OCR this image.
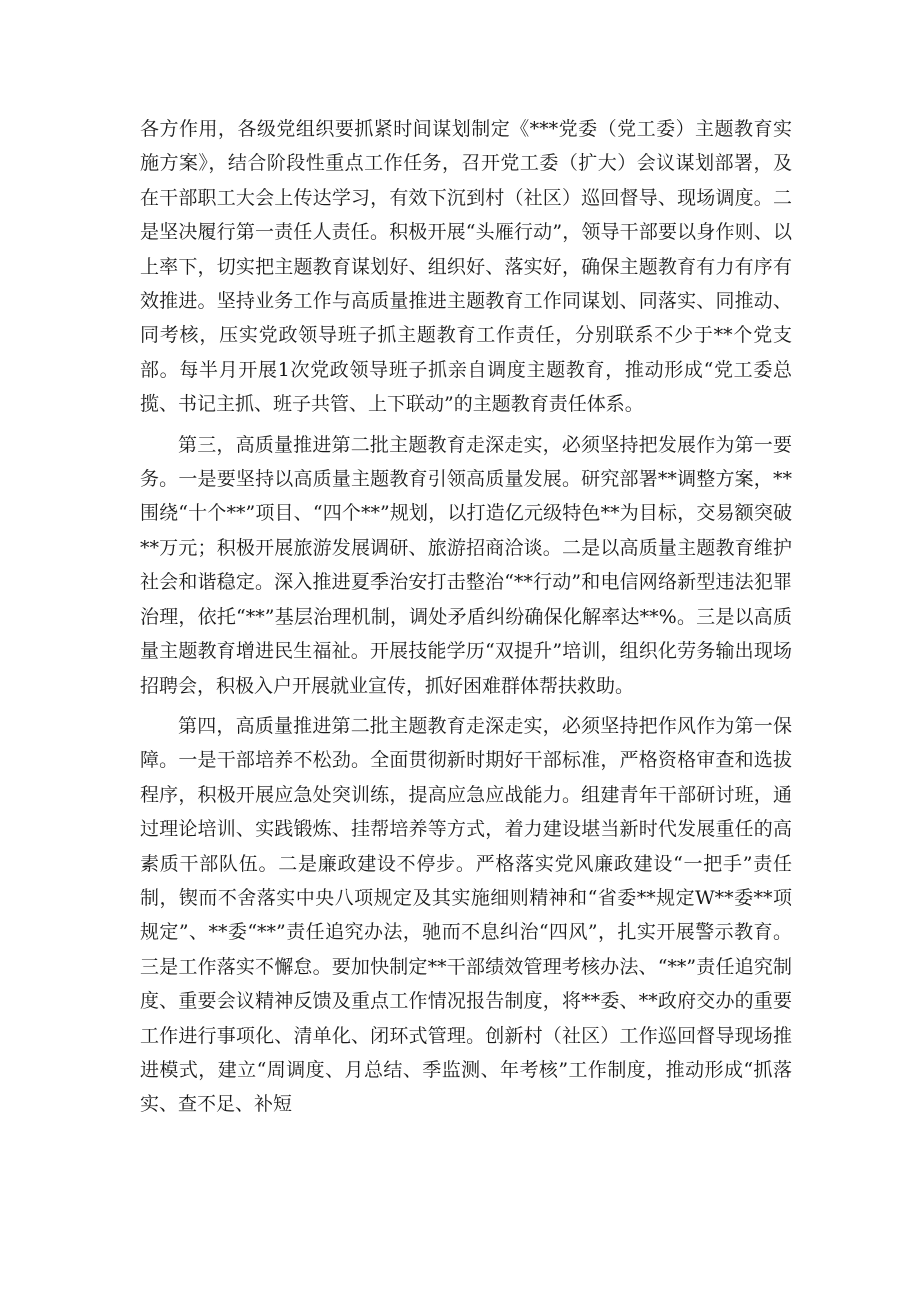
各方作用，各级党组织要抓紧时间谋划制定《***党委（党工委）主题教育实施方案》，结合阶段性重点工作任务，召开党工委（扩大）会议谋划部署，及在干部职工大会上传达学习，有效下沉到村（社区）巡回督导、现场调度。二是坚决履行第一责任人责任。积极开展“头雁行动”，领导干部要以身作则、以上率下，切实把主题教育谋划好、组织好、落实好，确保主题教育有力有序有效推进。坚持业务工作与高质量推进主题教育工作同谋划、同落实、同推动、同考核，压实党政领导班子抓主题教育工作责任，分别联系不少于**个党支部。每半月开展1次党政领导班子抓亲自调度主题教育，推动形成“党工委总揽、书记主抓、班子共管、上下联动”的主题教育责任体系。

第三，高质量推进第二批主题教育走深走实，必须坚持把发展作为第一要务。一是要坚持以高质量主题教育引领高质量发展。研究部署**调整方案，**围绕“十个**”项目、“四个**”规划，以打造亿元级特色**为目标，交易额突破**万元；积极开展旅游发展调研、旅游招商洽谈。二是以高质量主题教育维护社会和谐稳定。深入推进夏季治安打击整治“**行动”和电信网络新型违法犯罪治理，依托“**”基层治理机制，调处矛盾纠纷确保化解率达**%。三是以高质量主题教育增进民生福祉。开展技能学历“双提升”培训，组织化劳务输出现场招聘会，积极入户开展就业宣传，抓好困难群体帮扶救助。

第四，高质量推进第二批主题教育走深走实，必须坚持把作风作为第一保障。一是干部培养不松劲。全面贯彻新时期好干部标准，严格资格审查和选拔程序，积极开展应急处突训练，提高应急应战能力。组建青年干部研讨班，通过理论培训、实践锻炼、挂帮培养等方式，着力建设堪当新时代发展重任的高素质干部队伍。二是廉政建设不停步。严格落实党风廉政建设“一把手”责任制，锲而不舍落实中央八项规定及其实施细则精神和“省委**规定W**委**项规定”、**委“**”责任追究办法，驰而不息纠治“四风”，扎实开展警示教育。三是工作落实不懈怠。要加快制定**干部绩效管理考核办法、“**”责任追究制度、重要会议精神反馈及重点工作情况报告制度，将**委、**政府交办的重要工作进行事项化、清单化、闭环式管理。创新村（社区）工作巡回督导现场推进模式，建立“周调度、月总结、季监测、年考核”工作制度，推动形成“抓落实、查不足、补短
